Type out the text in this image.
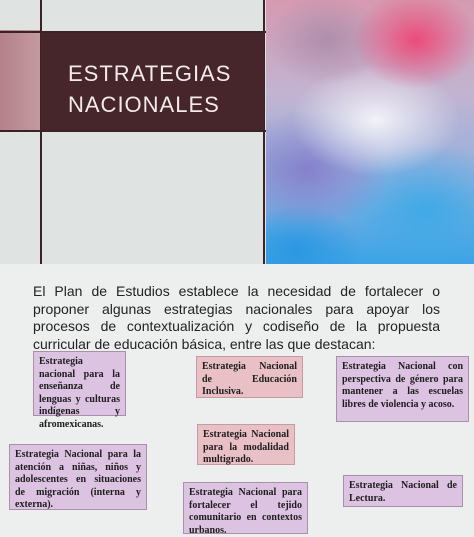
ESTRATEGIAS NACIONALES

El Plan de Estudios establece la necesidad de fortalecer o proponer algunas estrategias nacionales para apoyar los procesos de contextualización y codiseño de la propuesta curricular de educación básica, entre las que destacan:

Estrategia nacional para la enseñanza de lenguas y culturas indígenas y afromexicanas.

Estrategia Nacional de Educación Inclusiva.

Estrategia Nacional con perspectiva de género para mantener a las escuelas libres de violencia y acoso.

Estrategia Nacional para la modalidad multigrado.

Estrategia Nacional para la atención a niñas, niños y adolescentes en situaciones de migración (interna y externa).

Estrategia Nacional para fortalecer el tejido comunitario en contextos urbanos.

Estrategia Nacional de Lectura.
